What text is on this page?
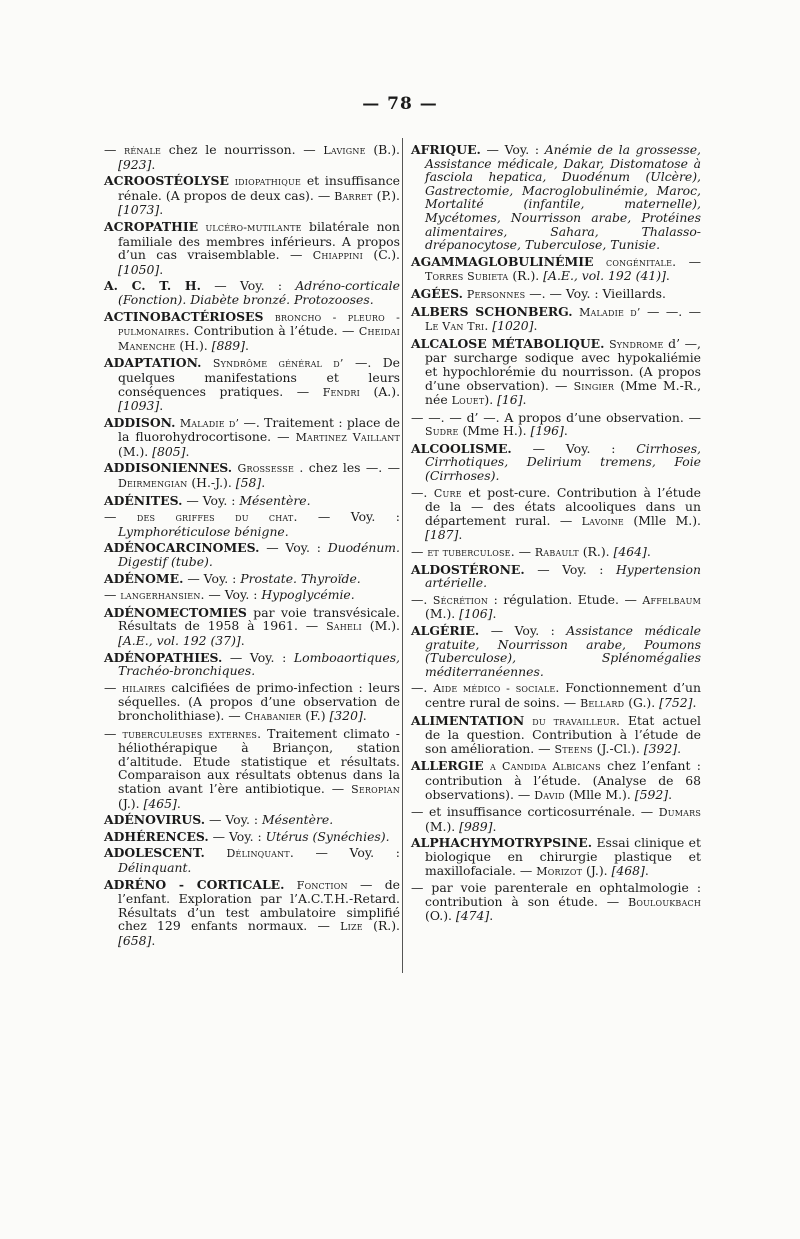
— 78 —

— rénale chez le nourrisson. — Lavigne (B.). [923].

ACROOSTÉOLYSE idiopathique et insuffisance rénale. (A propos de deux cas). — Barret (P.). [1073].

ACROPATHIE ulcéro-mutilante bilatérale non familiale des membres inférieurs. A propos d’un cas vraisemblable. — Chiappini (C.). [1050].

A. C. T. H. — Voy. : Adréno-corticale (Fonction). Diabète bronzé. Protozooses.

ACTINOBACTÉRIOSES broncho - pleuro - pulmonaires. Contribution à l’étude. — Cheidai Manenche (H.). [889].

ADAPTATION. Syndrôme général d’ —. De quelques manifestations et leurs conséquences pratiques. — Fendri (A.). [1093].

ADDISON. Maladie d’ —. Traitement : place de la fluorohydrocortisone. — Martinez Vaillant (M.). [805].

ADDISONIENNES. Grossesse . chez les —. — Deirmengian (H.-J.). [58].

ADÉNITES. — Voy. : Mésentère.

— des griffes du chat. — Voy. : Lymphoréticulose bénigne.

ADÉNOCARCINOMES. — Voy. : Duodénum. Digestif (tube).

ADÉNOME. — Voy. : Prostate. Thyroïde.

— langerhansien. — Voy. : Hypoglycémie.

ADÉNOMECTOMIES par voie transvésicale. Résultats de 1958 à 1961. — Saheli (M.). [A.E., vol. 192 (37)].

ADÉNOPATHIES. — Voy. : Lomboaortiques, Trachéo-bronchiques.

— hilaires calcifiées de primo-infection : leurs séquelles. (A propos d’une observation de broncholithiase). — Chabanier (F.) [320].

— tuberculeuses externes. Traitement climato - héliothérapique à Briançon, station d’altitude. Etude statistique et résultats. Comparaison aux résultats obtenus dans la station avant l’ère antibiotique. — Seropian (J.). [465].

ADÉNOVIRUS. — Voy. : Mésentère.

ADHÉRENCES. — Voy. : Utérus (Synéchies).

ADOLESCENT. Délinquant. — Voy. : Délinquant.

ADRÉNO - CORTICALE. Fonction — de l’enfant. Exploration par l’A.C.T.H.-Retard. Résultats d’un test ambulatoire simplifié chez 129 enfants normaux. — Lize (R.). [658].

AFRIQUE. — Voy. : Anémie de la grossesse, Assistance médicale, Dakar, Distomatose à fasciola hepatica, Duodénum (Ulcère), Gastrectomie, Macroglobulinémie, Maroc, Mortalité (infantile, maternelle), Mycétomes, Nourrisson arabe, Protéines alimentaires, Sahara, Thalasso-drépanocytose, Tuberculose, Tunisie.

AGAMMAGLOBULINÉMIE congénitale. — Torres Subieta (R.). [A.E., vol. 192 (41)].

AGÉES. Personnes —. — Voy. : Vieillards.

ALBERS SCHONBERG. Maladie d’ — —. — Le Van Tri. [1020].

ALCALOSE MÉTABOLIQUE. Syndrome d’ —, par surcharge sodique avec hypokaliémie et hypochlorémie du nourrisson. (A propos d’une observation). — Singier (Mme M.-R., née Louet). [16].

— —. — d’ —. A propos d’une observation. — Sudre (Mme H.). [196].

ALCOOLISME. — Voy. : Cirrhoses, Cirrhotiques, Delirium tremens, Foie (Cirrhoses).

—. Cure et post-cure. Contribution à l’étude de la — des états alcooliques dans un département rural. — Lavoine (Mlle M.). [187].

— et tuberculose. — Rabault (R.). [464].

ALDOSTÉRONE. — Voy. : Hypertension artérielle.

—. Sécrétion : régulation. Etude. — Affelbaum (M.). [106].

ALGÉRIE. — Voy. : Assistance médicale gratuite, Nourrisson arabe, Poumons (Tuberculose), Splénomégalies méditerranéennes.

—. Aide médico - sociale. Fonctionnement d’un centre rural de soins. — Bellard (G.). [752].

ALIMENTATION du travailleur. Etat actuel de la question. Contribution à l’étude de son amélioration. — Steens (J.-Cl.). [392].

ALLERGIE a Candida Albicans chez l’enfant : contribution à l’étude. (Analyse de 68 observations). — David (Mlle M.). [592].

— et insuffisance corticosurrénale. — Dumars (M.). [989].

ALPHACHYMOTRYPSINE. Essai clinique et biologique en chirurgie plastique et maxillofaciale. — Morizot (J.). [468].

— par voie parenterale en ophtalmologie : contribution à son étude. — Bouloukbach (O.). [474].
